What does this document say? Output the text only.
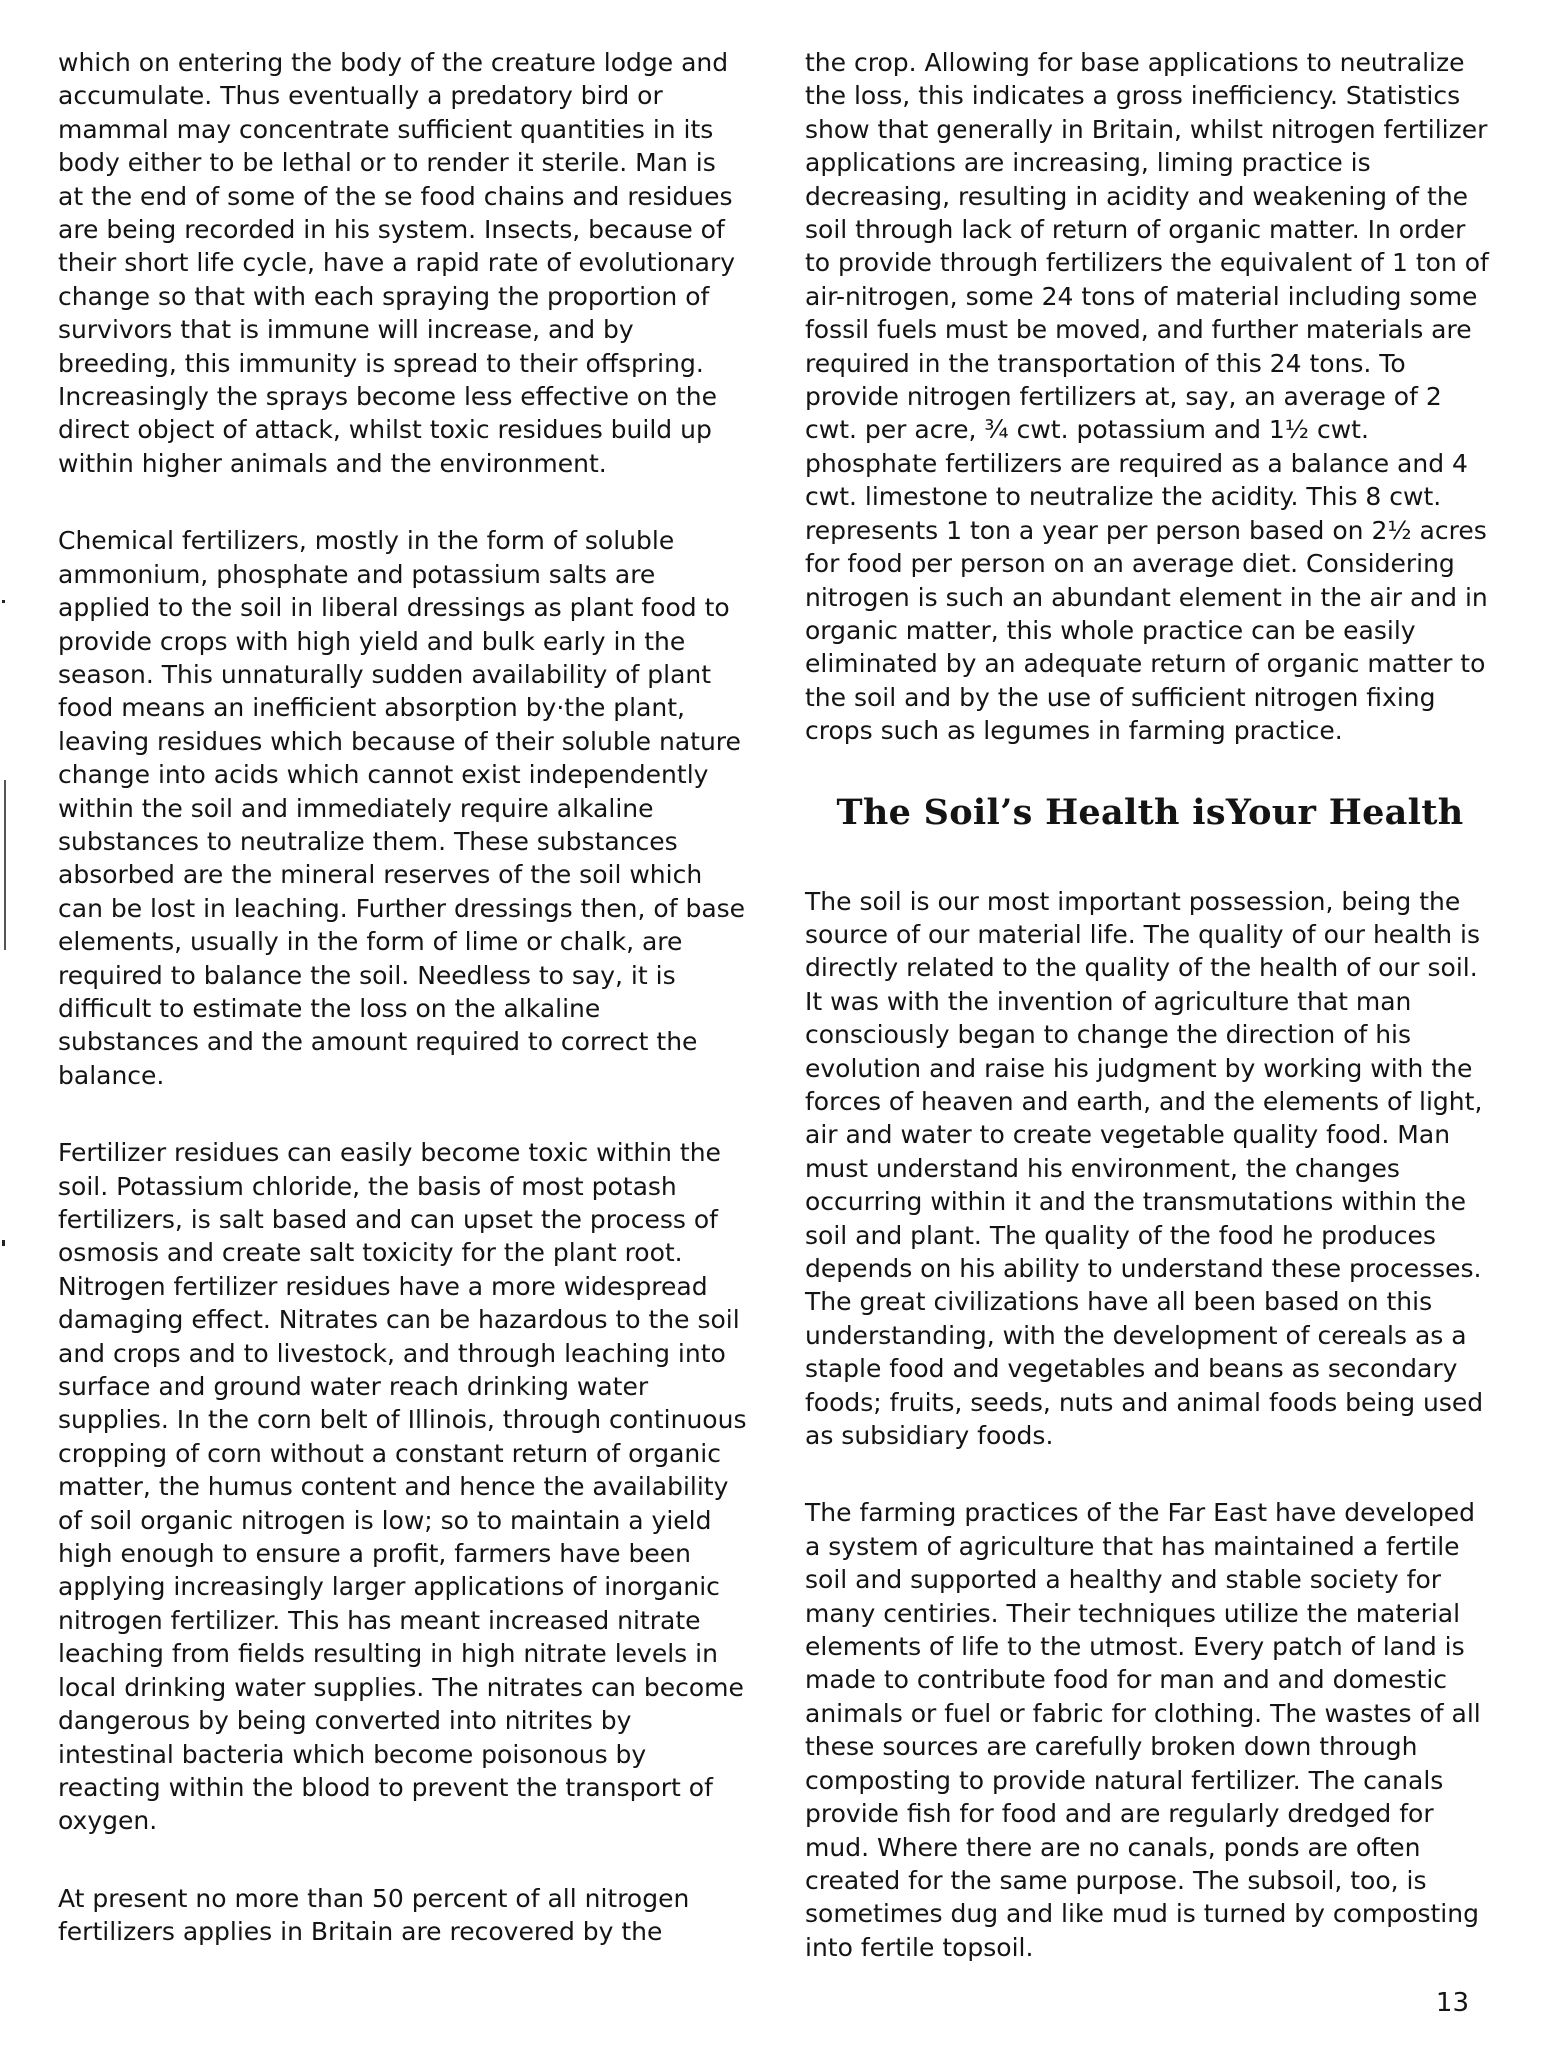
which on entering the body of the creature lodge and accumulate. Thus eventually a predatory bird or mammal may concentrate sufficient quantities in its body either to be lethal or to render it sterile. Man is at the end of some of the se food chains and residues are being recorded in his system. Insects, because of their short life cycle, have a rapid rate of evolutionary change so that with each spraying the proportion of survivors that is immune will increase, and by breeding, this immunity is spread to their offspring. Increasingly the sprays become less effective on the direct object of attack, whilst toxic residues build up within higher animals and the environment.

Chemical fertilizers, mostly in the form of soluble ammonium, phosphate and potassium salts are applied to the soil in liberal dressings as plant food to provide crops with high yield and bulk early in the season. This unnaturally sudden availability of plant food means an inefficient absorption by·the plant, leaving residues which because of their soluble nature change into acids which cannot exist independently within the soil and immediately require alkaline substances to neutralize them. These substances absorbed are the mineral reserves of the soil which can be lost in leaching. Further dressings then, of base elements, usually in the form of lime or chalk, are required to balance the soil. Needless to say, it is difficult to estimate the loss on the alkaline substances and the amount required to correct the balance.

Fertilizer residues can easily become toxic within the soil. Potassium chloride, the basis of most potash fertilizers, is salt based and can upset the process of osmosis and create salt toxicity for the plant root. Nitrogen fertilizer residues have a more widespread damaging effect. Nitrates can be hazardous to the soil and crops and to livestock, and through leaching into surface and ground water reach drinking water supplies. In the corn belt of Illinois, through continuous cropping of corn without a constant return of organic matter, the humus content and hence the availability of soil organic nitrogen is low; so to maintain a yield high enough to ensure a profit, farmers have been applying increasingly larger applications of inorganic nitrogen fertilizer. This has meant increased nitrate leaching from fields resulting in high nitrate levels in local drinking water supplies. The nitrates can become dangerous by being converted into nitrites by intestinal bacteria which become poisonous by reacting within the blood to prevent the transport of oxygen.

At present no more than 50 percent of all nitrogen fertilizers applies in Britain are recovered by the

the crop. Allowing for base applications to neutralize the loss, this indicates a gross inefficiency. Statistics show that generally in Britain, whilst nitrogen fertilizer applications are increasing, liming practice is decreasing, resulting in acidity and weakening of the soil through lack of return of organic matter. In order to provide through fertilizers the equivalent of 1 ton of air-nitrogen, some 24 tons of material including some fossil fuels must be moved, and further materials are required in the transportation of this 24 tons. To provide nitrogen fertilizers at, say, an average of 2 cwt. per acre, ¾ cwt. potassium and 1½ cwt. phosphate fertilizers are required as a balance and 4 cwt. limestone to neutralize the acidity. This 8 cwt. represents 1 ton a year per person based on 2½ acres for food per person on an average diet. Considering nitrogen is such an abundant element in the air and in organic matter, this whole practice can be easily eliminated by an adequate return of organic matter to the soil and by the use of sufficient nitrogen fixing crops such as legumes in farming practice.

The Soil’s Health isYour Health

The soil is our most important possession, being the source of our material life. The quality of our health is directly related to the quality of the health of our soil. It was with the invention of agriculture that man consciously began to change the direction of his evolution and raise his judgment by working with the forces of heaven and earth, and the elements of light, air and water to create vegetable quality food. Man must understand his environment, the changes occurring within it and the transmutations within the soil and plant. The quality of the food he produces depends on his ability to understand these processes. The great civilizations have all been based on this understanding, with the development of cereals as a staple food and vegetables and beans as secondary foods; fruits, seeds, nuts and animal foods being used as subsidiary foods.

The farming practices of the Far East have developed a system of agriculture that has maintained a fertile soil and supported a healthy and stable society for many centiries. Their techniques utilize the material elements of life to the utmost. Every patch of land is made to contribute food for man and and domestic animals or fuel or fabric for clothing. The wastes of all these sources are carefully broken down through composting to provide natural fertilizer. The canals provide fish for food and are regularly dredged for mud. Where there are no canals, ponds are often created for the same purpose. The subsoil, too, is sometimes dug and like mud is turned by composting into fertile topsoil.

13
